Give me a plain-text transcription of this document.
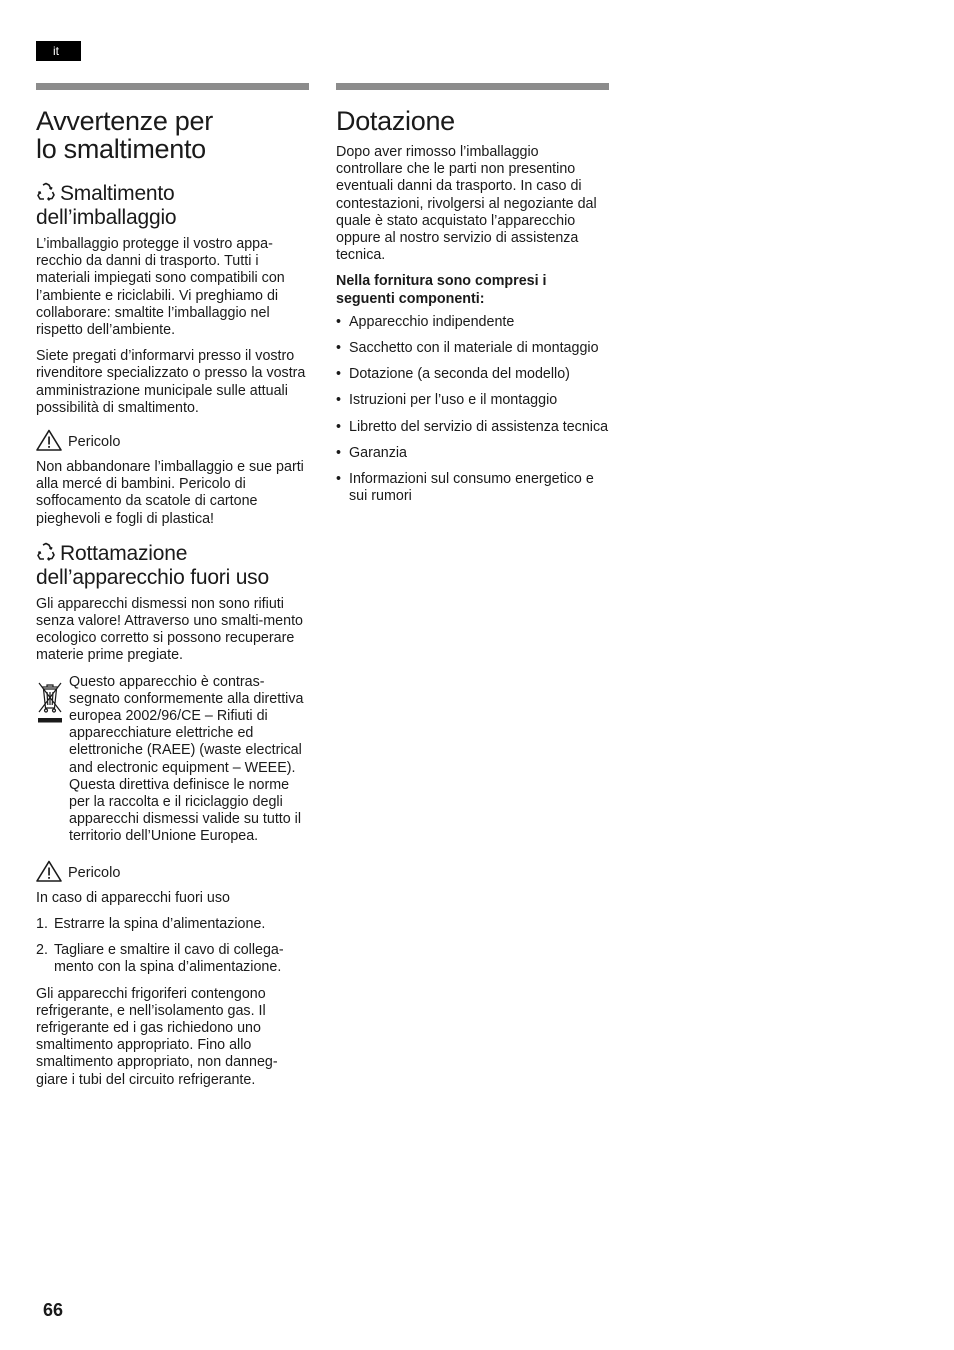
it
Avvertenze per
lo smaltimento
Smaltimento
dell’imballaggio

L’imballaggio protegge il vostro appa-recchio da danni di trasporto. Tutti i materiali impiegati sono compatibili con l’ambiente e riciclabili. Vi preghiamo di collaborare: smaltite l’imballaggio nel rispetto dell’ambiente.

Siete pregati d’informarvi presso il vostro rivenditore specializzato o presso la vostra amministrazione municipale sulle attuali possibilità di smaltimento.

Pericolo

Non abbandonare l’imballaggio e sue parti alla mercé di bambini. Pericolo di soffocamento da scatole di cartone pieghevoli e fogli di plastica!

Rottamazione
dell’apparecchio fuori uso

Gli apparecchi dismessi non sono rifiuti senza valore! Attraverso uno smalti-mento ecologico corretto si possono recuperare materie prime pregiate.

Questo apparecchio è contras-segnato conformemente alla direttiva europea 2002/96/CE – Rifiuti di apparecchiature elettriche ed elettroniche (RAEE) (waste electrical and electronic equipment – WEEE). Questa direttiva definisce le norme per la raccolta e il riciclaggio degli apparecchi dismessi valide su tutto il territorio dell’Unione Europea.

Pericolo

In caso di apparecchi fuori uso

1. Estrarre la spina d’alimentazione.
2. Tagliare e smaltire il cavo di collega-mento con la spina d’alimentazione.

Gli apparecchi frigoriferi contengono refrigerante, e nell’isolamento gas. Il refrigerante ed i gas richiedono uno smaltimento appropriato. Fino allo smaltimento appropriato, non danneg-giare i tubi del circuito refrigerante.

Dotazione

Dopo aver rimosso l’imballaggio controllare che le parti non presentino eventuali danni da trasporto. In caso di contestazioni, rivolgersi al negoziante dal quale è stato acquistato l’apparecchio oppure al nostro servizio di assistenza tecnica.

Nella fornitura sono compresi i seguenti componenti:

• Apparecchio indipendente
• Sacchetto con il materiale di montaggio
• Dotazione (a seconda del modello)
• Istruzioni per l’uso e il montaggio
• Libretto del servizio di assistenza tecnica
• Garanzia
• Informazioni sul consumo energetico e sui rumori
66
